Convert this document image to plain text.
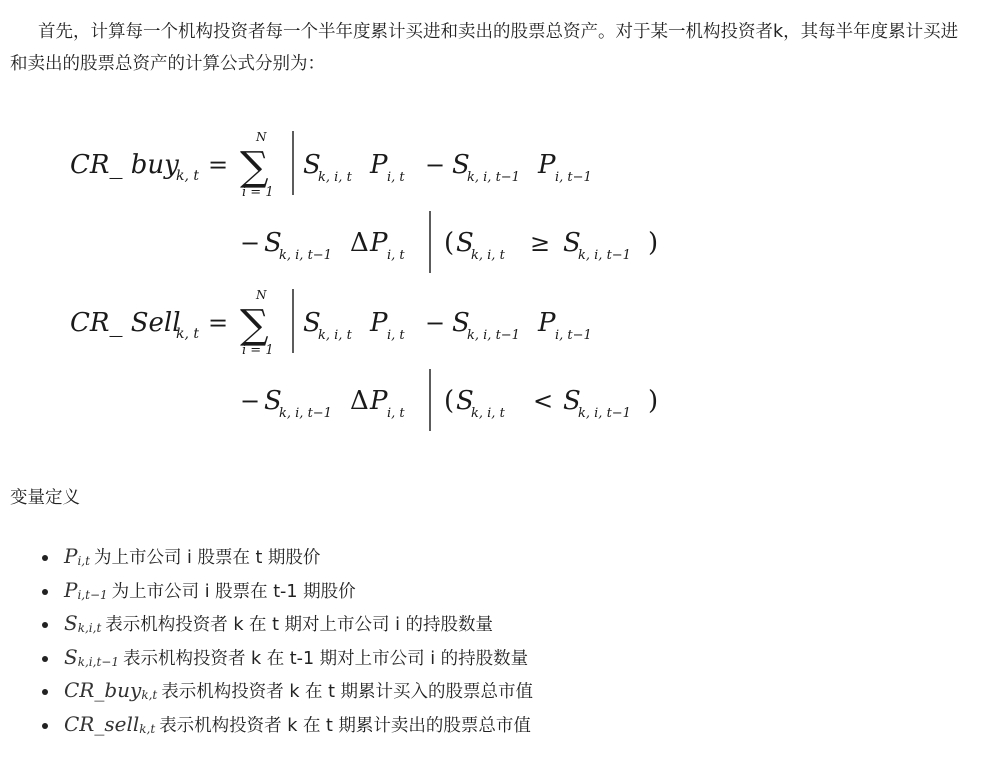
首先，计算每一个机构投资者每一个半年度累计买进和卖出的股票总资产。对于某一机构投资者k，其每半年度累计买进和卖出的股票总资产的计算公式分别为：

CR_ buy
k, t =
N
∑
i = 1
S
k, i, t P i, t − S
k, i, t−1 P i, t−1
− S
k, i, t−1 Δ P i, t ( S
k, i, t ≥ S
k, i, t−1 )
CR_ Sell
k, t =
N
∑
i = 1
S
k, i, t P i, t − S
k, i, t−1 P i, t−1
− S
k, i, t−1 Δ P i, t ( S
k, i, t < S
k, i, t−1 )

变量定义

$P_{i,t}$ 为上市公司 i 股票在 t 期股价
$P_{i,t-1}$ 为上市公司 i 股票在 t-1 期股价
$S_{k,i,t}$ 表示机构投资者 k 在 t 期对上市公司 i 的持股数量
$S_{k,i,t-1}$ 表示机构投资者 k 在 t-1 期对上市公司 i 的持股数量
CR_buy$_{k,t}$ 表示机构投资者 k 在 t 期累计买入的股票总市值
CR_sell$_{k,t}$ 表示机构投资者 k 在 t 期累计卖出的股票总市值
